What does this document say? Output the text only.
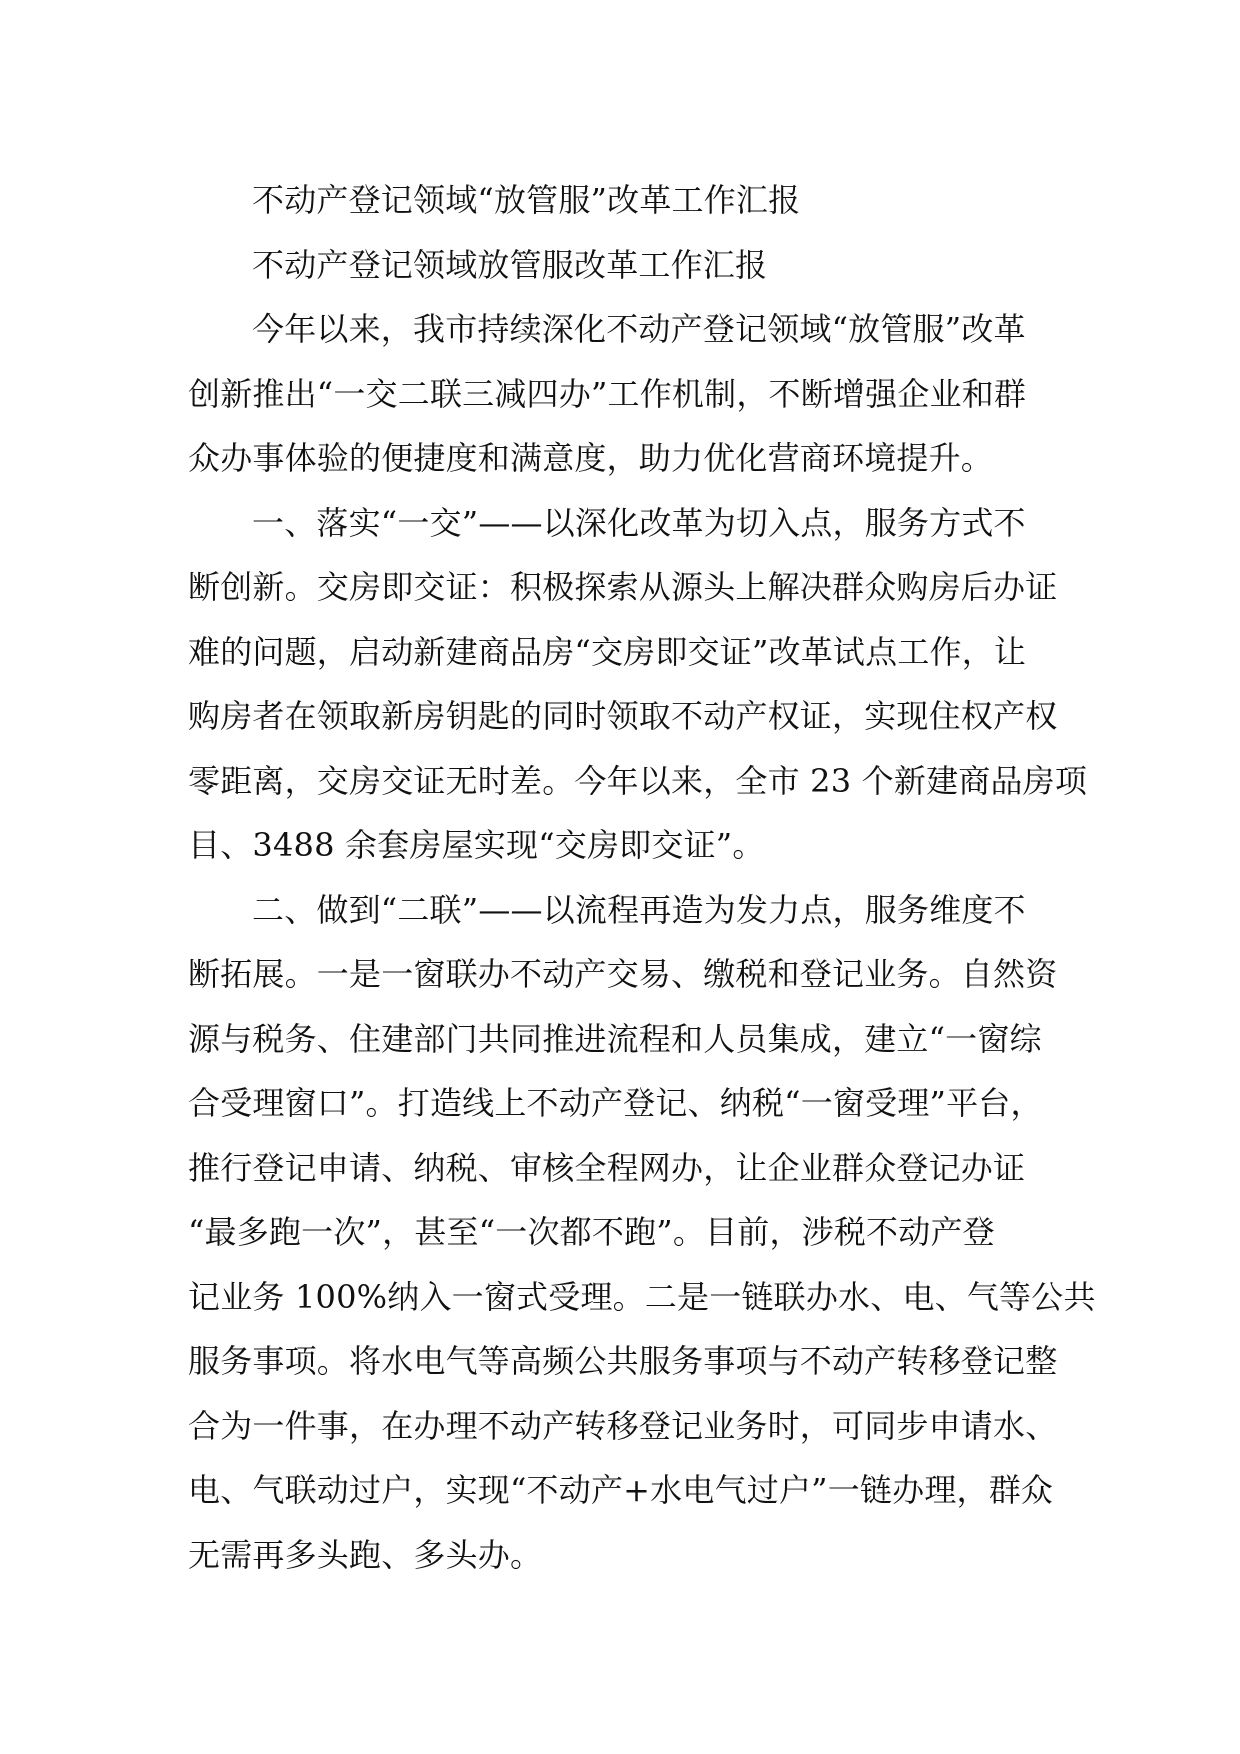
不动产登记领域“放管服”改革工作汇报
不动产登记领域放管服改革工作汇报
今年以来，我市持续深化不动产登记领域“放管服”改革
创新推出“一交二联三减四办”工作机制，不断增强企业和群
众办事体验的便捷度和满意度，助力优化营商环境提升。
一、落实“一交”——以深化改革为切入点，服务方式不
断创新。交房即交证：积极探索从源头上解决群众购房后办证
难的问题，启动新建商品房“交房即交证”改革试点工作，让
购房者在领取新房钥匙的同时领取不动产权证，实现住权产权
零距离，交房交证无时差。今年以来，全市 23 个新建商品房项
目、3488 余套房屋实现“交房即交证”。
二、做到“二联”——以流程再造为发力点，服务维度不
断拓展。一是一窗联办不动产交易、缴税和登记业务。自然资
源与税务、住建部门共同推进流程和人员集成，建立“一窗综
合受理窗口”。打造线上不动产登记、纳税“一窗受理”平台，
推行登记申请、纳税、审核全程网办，让企业群众登记办证
“最多跑一次”，甚至“一次都不跑”。目前，涉税不动产登
记业务 100%纳入一窗式受理。二是一链联办水、电、气等公共
服务事项。将水电气等高频公共服务事项与不动产转移登记整
合为一件事，在办理不动产转移登记业务时，可同步申请水、
电、气联动过户，实现“不动产+水电气过户”一链办理，群众
无需再多头跑、多头办。
